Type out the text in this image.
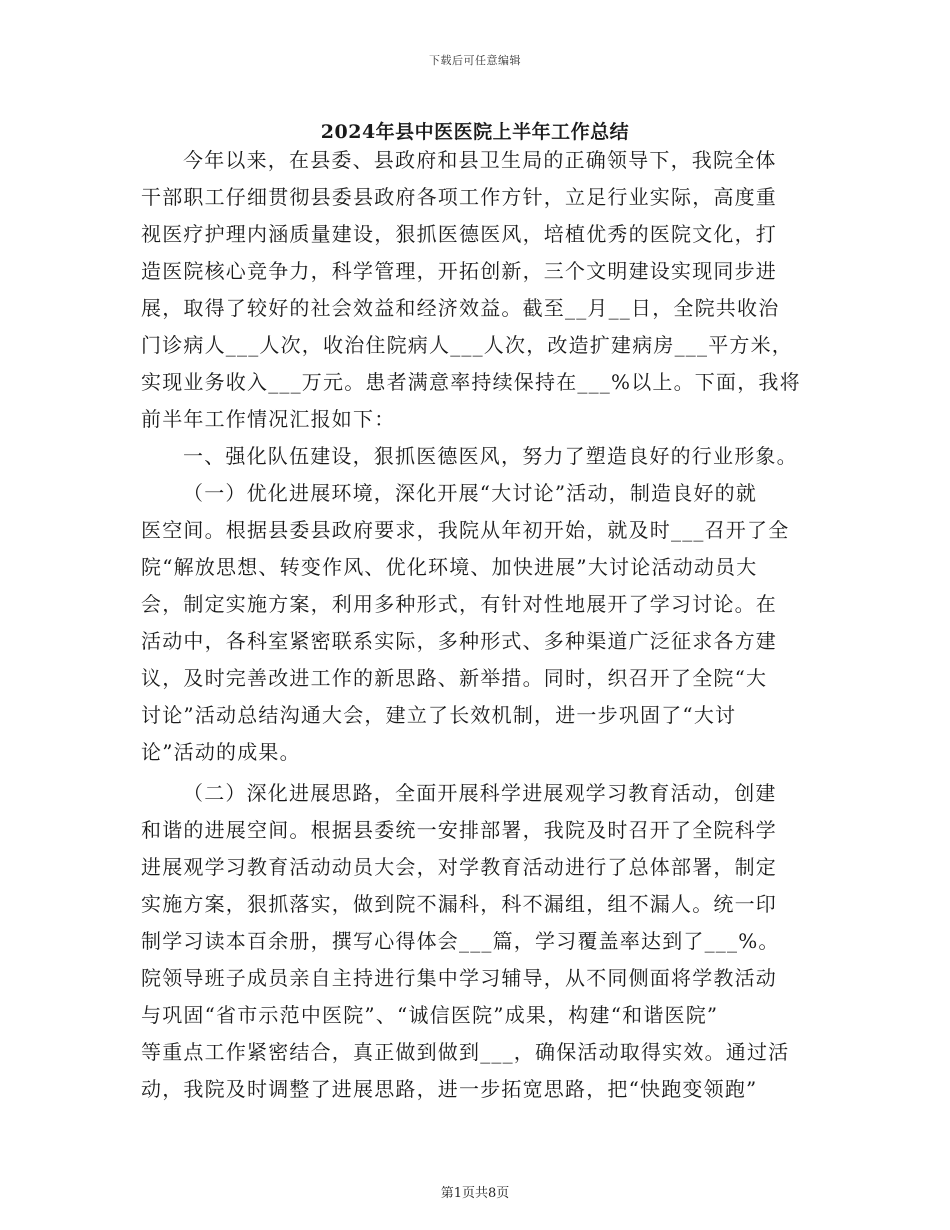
下载后可任意编辑
2024年县中医医院上半年工作总结
今年以来，在县委、县政府和县卫生局的正确领导下，我院全体
干部职工仔细贯彻县委县政府各项工作方针，立足行业实际，高度重
视医疗护理内涵质量建设，狠抓医德医风，培植优秀的医院文化，打
造医院核心竞争力，科学管理，开拓创新，三个文明建设实现同步进
展，取得了较好的社会效益和经济效益。截至__月__日，全院共收治
门诊病人___人次，收治住院病人___人次，改造扩建病房___平方米，
实现业务收入___万元。患者满意率持续保持在___%以上。下面，我将
前半年工作情况汇报如下：
一、强化队伍建设，狠抓医德医风，努力了塑造良好的行业形象。
（一）优化进展环境，深化开展“大讨论”活动，制造良好的就
医空间。根据县委县政府要求，我院从年初开始，就及时___召开了全
院“解放思想、转变作风、优化环境、加快进展”大讨论活动动员大
会，制定实施方案，利用多种形式，有针对性地展开了学习讨论。在
活动中，各科室紧密联系实际，多种形式、多种渠道广泛征求各方建
议，及时完善改进工作的新思路、新举措。同时，织召开了全院“大
讨论”活动总结沟通大会，建立了长效机制，进一步巩固了“大讨
论”活动的成果。
（二）深化进展思路，全面开展科学进展观学习教育活动，创建
和谐的进展空间。根据县委统一安排部署，我院及时召开了全院科学
进展观学习教育活动动员大会，对学教育活动进行了总体部署，制定
实施方案，狠抓落实，做到院不漏科，科不漏组，组不漏人。统一印
制学习读本百余册，撰写心得体会___篇，学习覆盖率达到了___%。
院领导班子成员亲自主持进行集中学习辅导，从不同侧面将学教活动
与巩固“省市示范中医院”、“诚信医院”成果，构建“和谐医院”
等重点工作紧密结合，真正做到做到___，确保活动取得实效。通过活
动，我院及时调整了进展思路，进一步拓宽思路，把“快跑变领跑”
第1页共8页
